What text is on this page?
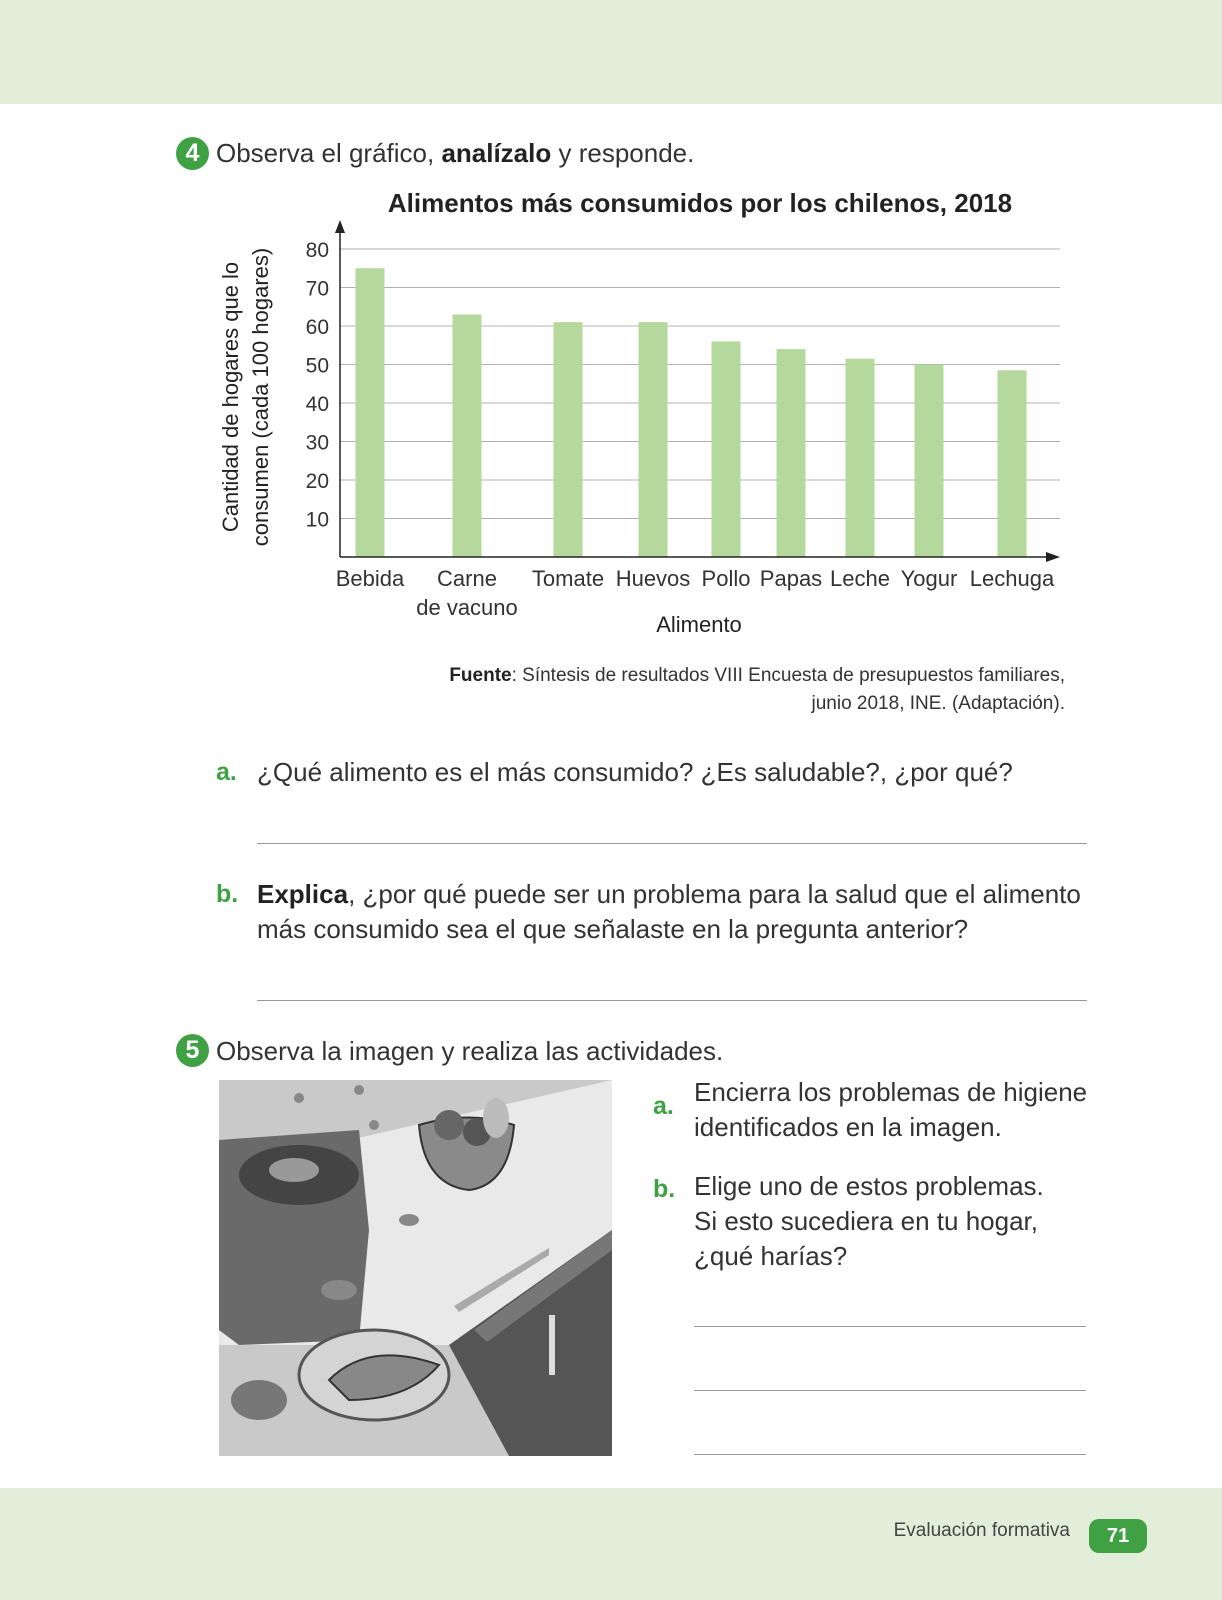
4 Observa el gráfico, analízalo y responde.
Alimentos más consumidos por los chilenos, 2018
10
20
30
40
50
60
70
80
Bebida Carne
de vacuno
Tomate Huevos Pollo Papas Leche Yogur Lechuga
Alimento
Cantidad de hogares que lo consumen (cada 100 hogares)
Fuente: Síntesis de resultados VIII Encuesta de presupuestos familiares,
junio 2018, INE. (Adaptación).
a. ¿Qué alimento es el más consumido? ¿Es saludable?, ¿por qué?
b. Explica, ¿por qué puede ser un problema para la salud que el alimento
más consumido sea el que señalaste en la pregunta anterior?
5 Observa la imagen y realiza las actividades.
a. Encierra los problemas de higiene
identificados en la imagen.
b. Elige uno de estos problemas.
Si esto sucediera en tu hogar,
¿qué harías?
Evaluación formativa	71
